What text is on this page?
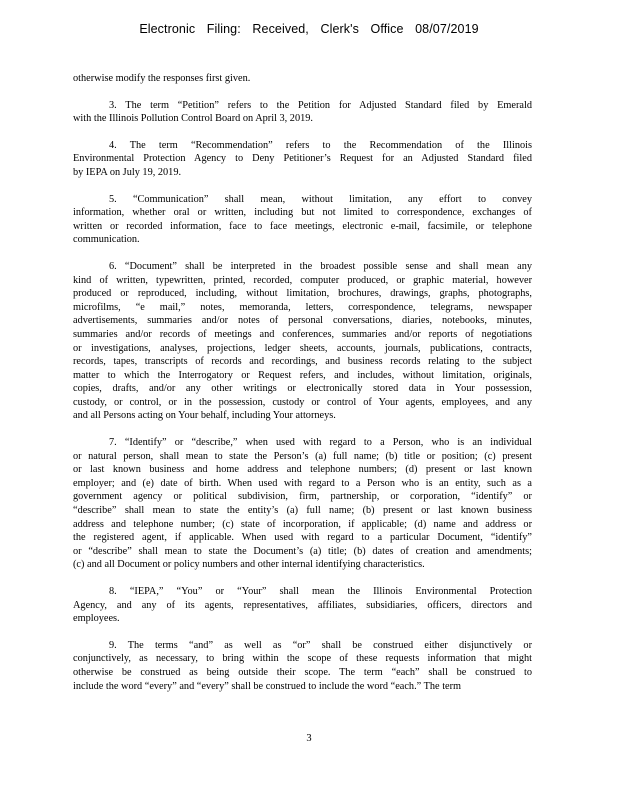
Electronic Filing: Received, Clerk's Office 08/07/2019
otherwise modify the responses first given.
3. The term “Petition” refers to the Petition for Adjusted Standard filed by Emerald
with the Illinois Pollution Control Board on April 3, 2019.
4. The term “Recommendation” refers to the Recommendation of the Illinois
Environmental Protection Agency to Deny Petitioner’s Request for an Adjusted Standard filed
by IEPA on July 19, 2019.
5. “Communication” shall mean, without limitation, any effort to convey
information, whether oral or written, including but not limited to correspondence, exchanges of
written or recorded information, face to face meetings, electronic e-mail, facsimile, or telephone
communication.
6. “Document” shall be interpreted in the broadest possible sense and shall mean any
kind of written, typewritten, printed, recorded, computer produced, or graphic material, however
produced or reproduced, including, without limitation, brochures, drawings, graphs, photographs,
microfilms, “e mail,” notes, memoranda, letters, correspondence, telegrams, newspaper
advertisements, summaries and/or notes of personal conversations, diaries, notebooks, minutes,
summaries and/or records of meetings and conferences, summaries and/or reports of negotiations
or investigations, analyses, projections, ledger sheets, accounts, journals, publications, contracts,
records, tapes, transcripts of records and recordings, and business records relating to the subject
matter to which the Interrogatory or Request refers, and includes, without limitation, originals,
copies, drafts, and/or any other writings or electronically stored data in Your possession,
custody, or control, or in the possession, custody or control of Your agents, employees, and any
and all Persons acting on Your behalf, including Your attorneys.
7. “Identify” or “describe,” when used with regard to a Person, who is an individual
or natural person, shall mean to state the Person’s (a) full name; (b) title or position; (c) present
or last known business and home address and telephone numbers; (d) present or last known
employer; and (e) date of birth. When used with regard to a Person who is an entity, such as a
government agency or political subdivision, firm, partnership, or corporation, “identify” or
“describe” shall mean to state the entity’s (a) full name; (b) present or last known business
address and telephone number; (c) state of incorporation, if applicable; (d) name and address or
the registered agent, if applicable. When used with regard to a particular Document, “identify”
or “describe” shall mean to state the Document’s (a) title; (b) dates of creation and amendments;
(c) and all Document or policy numbers and other internal identifying characteristics.
8. “IEPA,” “You” or “Your” shall mean the Illinois Environmental Protection
Agency, and any of its agents, representatives, affiliates, subsidiaries, officers, directors and
employees.
9. The terms “and” as well as “or” shall be construed either disjunctively or
conjunctively, as necessary, to bring within the scope of these requests information that might
otherwise be construed as being outside their scope. The term “each” shall be construed to
include the word “every” and “every” shall be construed to include the word “each.” The term
3
